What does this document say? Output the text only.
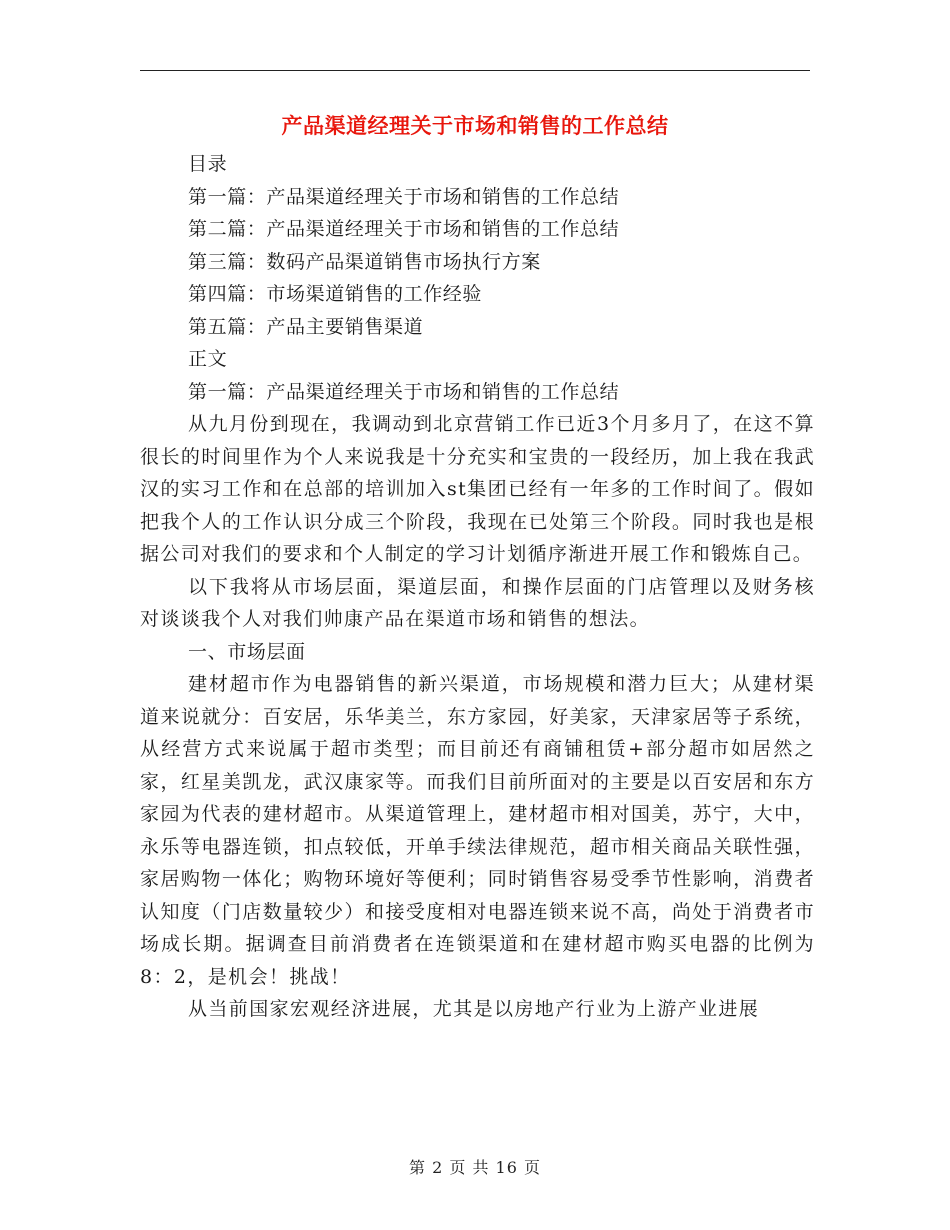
产品渠道经理关于市场和销售的工作总结
目录
第一篇：产品渠道经理关于市场和销售的工作总结
第二篇：产品渠道经理关于市场和销售的工作总结
第三篇：数码产品渠道销售市场执行方案
第四篇：市场渠道销售的工作经验
第五篇：产品主要销售渠道
正文
第一篇：产品渠道经理关于市场和销售的工作总结
从九月份到现在，我调动到北京营销工作已近3个月多月了，在这不算很长的时间里作为个人来说我是十分充实和宝贵的一段经历，加上我在我武汉的实习工作和在总部的培训加入st集团已经有一年多的工作时间了。假如把我个人的工作认识分成三个阶段，我现在已处第三个阶段。同时我也是根据公司对我们的要求和个人制定的学习计划循序渐进开展工作和锻炼自己。
以下我将从市场层面，渠道层面，和操作层面的门店管理以及财务核对谈谈我个人对我们帅康产品在渠道市场和销售的想法。
一、市场层面
建材超市作为电器销售的新兴渠道，市场规模和潜力巨大；从建材渠道来说就分：百安居，乐华美兰，东方家园，好美家，天津家居等子系统，从经营方式来说属于超市类型；而目前还有商铺租赁+部分超市如居然之家，红星美凯龙，武汉康家等。而我们目前所面对的主要是以百安居和东方家园为代表的建材超市。从渠道管理上，建材超市相对国美，苏宁，大中，永乐等电器连锁，扣点较低，开单手续法律规范，超市相关商品关联性强，家居购物一体化；购物环境好等便利；同时销售容易受季节性影响，消费者认知度（门店数量较少）和接受度相对电器连锁来说不高，尚处于消费者市场成长期。据调查目前消费者在连锁渠道和在建材超市购买电器的比例为8：2，是机会！挑战！
从当前国家宏观经济进展，尤其是以房地产行业为上游产业进展
第 2 页 共 16 页
